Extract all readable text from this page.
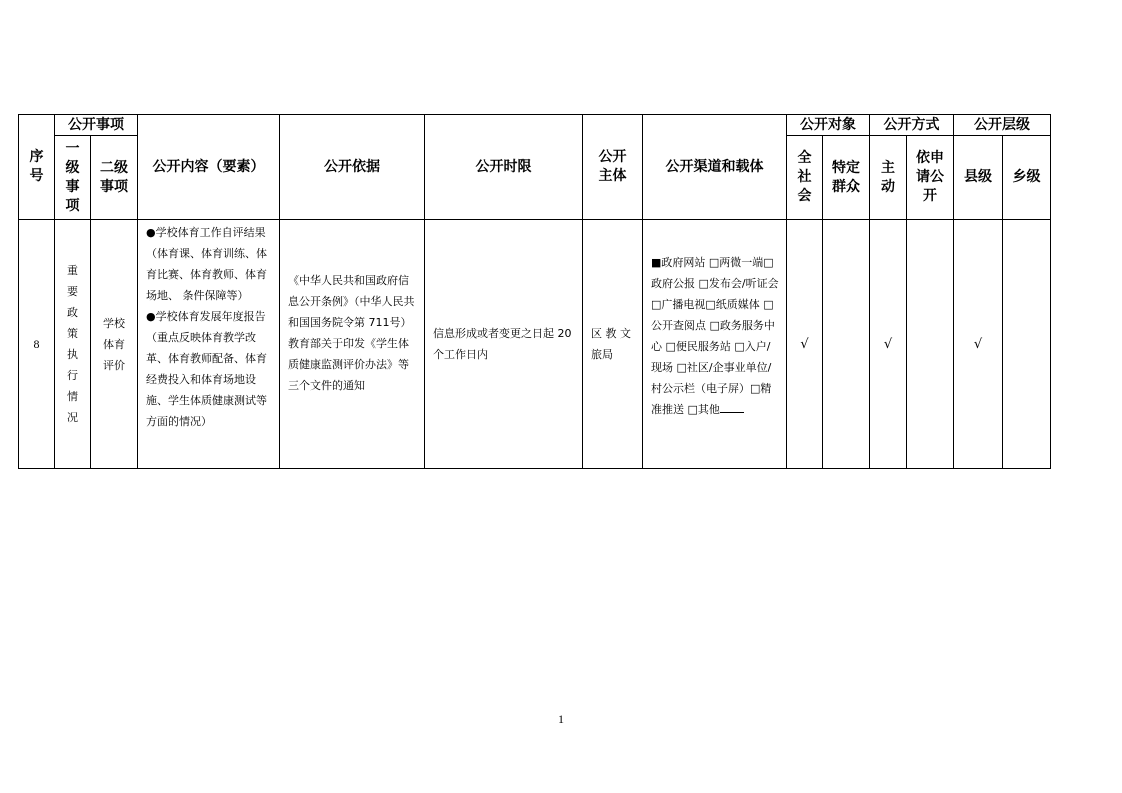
序号	公开事项		公开内容（要素）	公开依据	公开时限	公开主体	公开渠道和载体	公开对象		公开方式		公开层级	
	一级事项	二级事项						全社会	特定群众	主动	依申请公开	县级	乡级
8	重要政策执行情况	学校体育评价	●学校体育工作自评结果（体育课、体育训练、体育比赛、体育教师、体育场地、 条件保障等）
●学校体育发展年度报告（重点反映体育教学改革、体育教师配备、体育经费投入和体育场地设施、学生体质健康测试等方面的情况）	《中华人民共和国政府信息公开条例》（中华人民共和国国务院令第 711号）教育部关于印发《学生体质健康监测评价办法》等三个文件的通知	信息形成或者变更之日起 20 个工作日内	区 教 文 旅局	■政府网站 □两微一端□政府公报 □发布会/听证会 □广播电视□纸质媒体 □公开查阅点 □政务服务中心 □便民服务站 □入户/现场 □社区/企事业单位/村公示栏（电子屏）□精准推送 □其他	√		√		√	
1
